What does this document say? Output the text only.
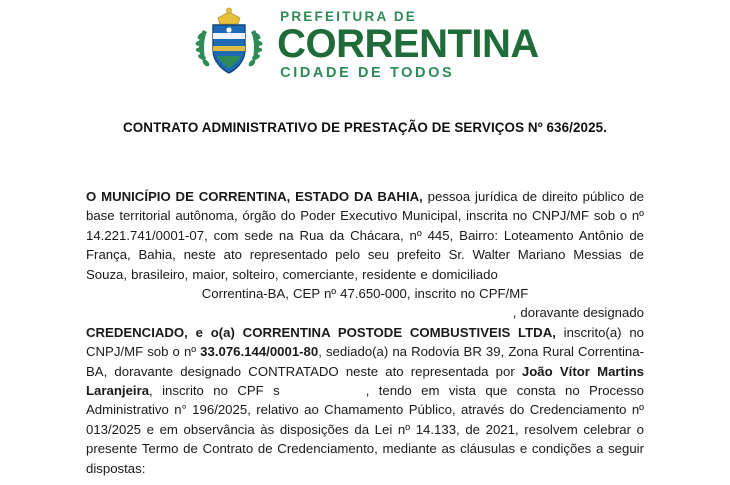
PREFEITURA DE
CORRENTINA
CIDADE DE TODOS
CONTRATO ADMINISTRATIVO DE PRESTAÇÃO DE SERVIÇOS Nº 636/2025.

O MUNICÍPIO DE CORRENTINA, ESTADO DA BAHIA, pessoa jurídica de direito público de base territorial autônoma, órgão do Poder Executivo Municipal, inscrita no CNPJ/MF sob o nº 14.221.741/0001-07, com sede na Rua da Chácara, nº 445, Bairro: Loteamento Antônio de França, Bahia, neste ato representado pelo seu prefeito Sr. Walter Mariano Messias de Souza, brasileiro, maior, solteiro, comerciante, residente e domiciliado
Correntina-BA, CEP nº 47.650-000, inscrito no CPF/MF
, doravante designado
CREDENCIADO, e o(a) CORRENTINA POSTODE COMBUSTIVEIS LTDA, inscrito(a) no CNPJ/MF sob o nº 33.076.144/0001-80, sediado(a) na Rodovia BR 39, Zona Rural Correntina-BA, doravante designado CONTRATADO neste ato representada por João Vítor Martins Laranjeira, inscrito no CPF s	, tendo em vista que consta no Processo Administrativo n° 196/2025, relativo ao Chamamento Público, através do Credenciamento nº 013/2025 e em observância às disposições da Lei nº 14.133, de 2021, resolvem celebrar o presente Termo de Contrato de Credenciamento, mediante as cláusulas e condições a seguir dispostas:
